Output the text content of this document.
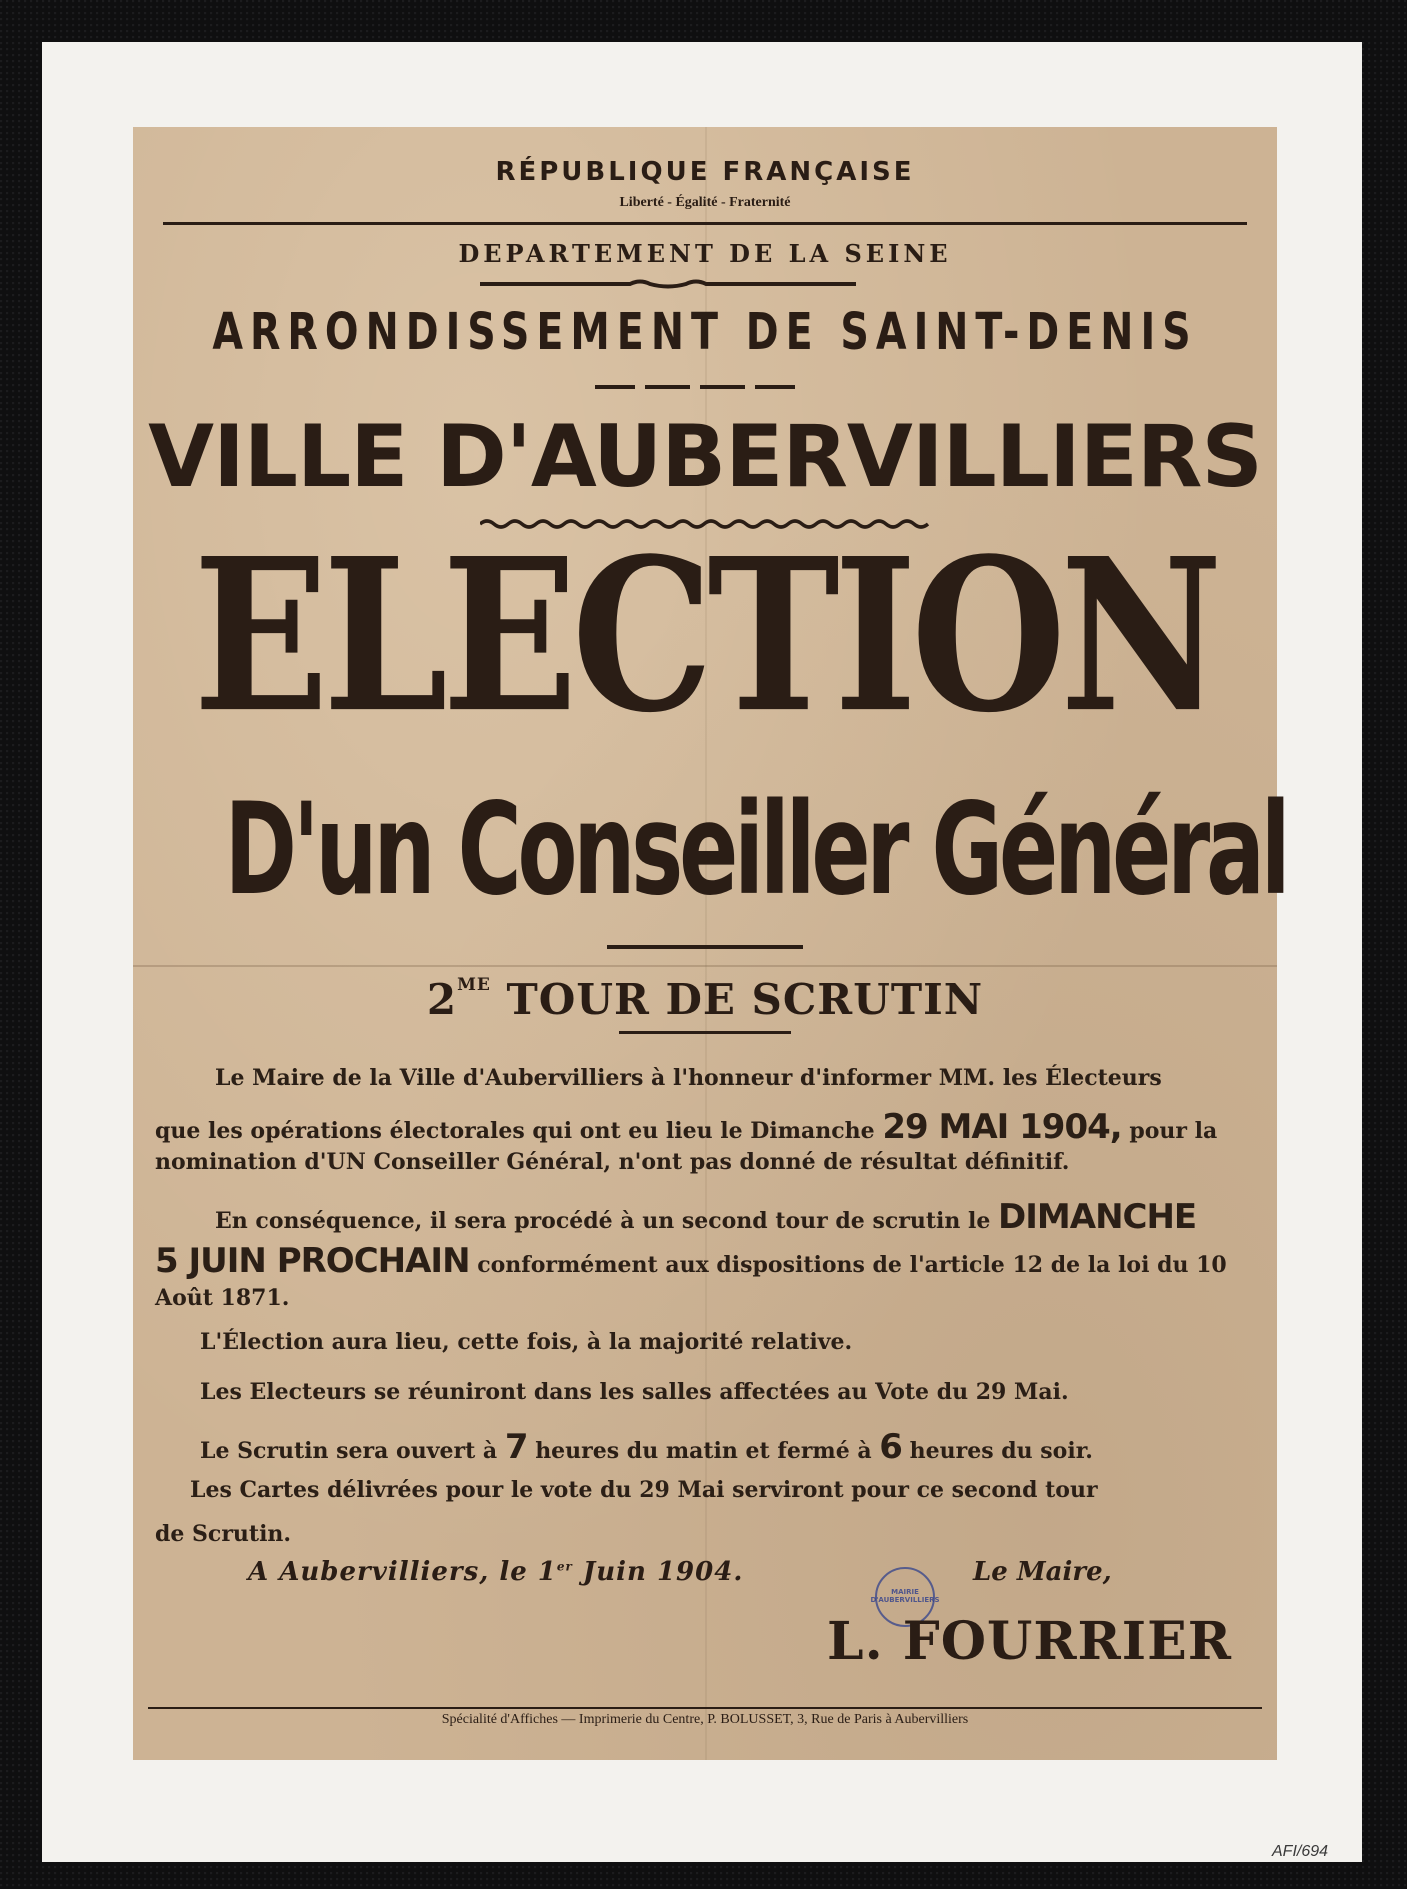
RÉPUBLIQUE FRANÇAISE
Liberté - Égalité - Fraternité
DEPARTEMENT DE LA SEINE
ARRONDISSEMENT DE SAINT-DENIS
VILLE D'AUBERVILLIERS
ELECTION
D'un Conseiller Général
$2^{ME}$ TOUR DE SCRUTIN
Le Maire de la Ville d'Aubervilliers à l'honneur d'informer MM. les Électeurs
que les opérations électorales qui ont eu lieu le Dimanche 29 MAI 1904, pour la
nomination d'UN Conseiller Général, n'ont pas donné de résultat définitif.
En conséquence, il sera procédé à un second tour de scrutin le DIMANCHE
5 JUIN PROCHAIN conformément aux dispositions de l'article 12 de la loi du 10
Août 1871.
L'Élection aura lieu, cette fois, à la majorité relative.
Les Electeurs se réuniront dans les salles affectées au Vote du 29 Mai.
Le Scrutin sera ouvert à 7 heures du matin et fermé à 6 heures du soir.
Les Cartes délivrées pour le vote du 29 Mai serviront pour ce second tour
de Scrutin.
A Aubervilliers, le 1er Juin 1904.	Le Maire,
MAIRIE D'AUBERVILLIERS
L. FOURRIER
Spécialité d'Affiches — Imprimerie du Centre, P. BOLUSSET, 3, Rue de Paris à Aubervilliers
AFI/694
